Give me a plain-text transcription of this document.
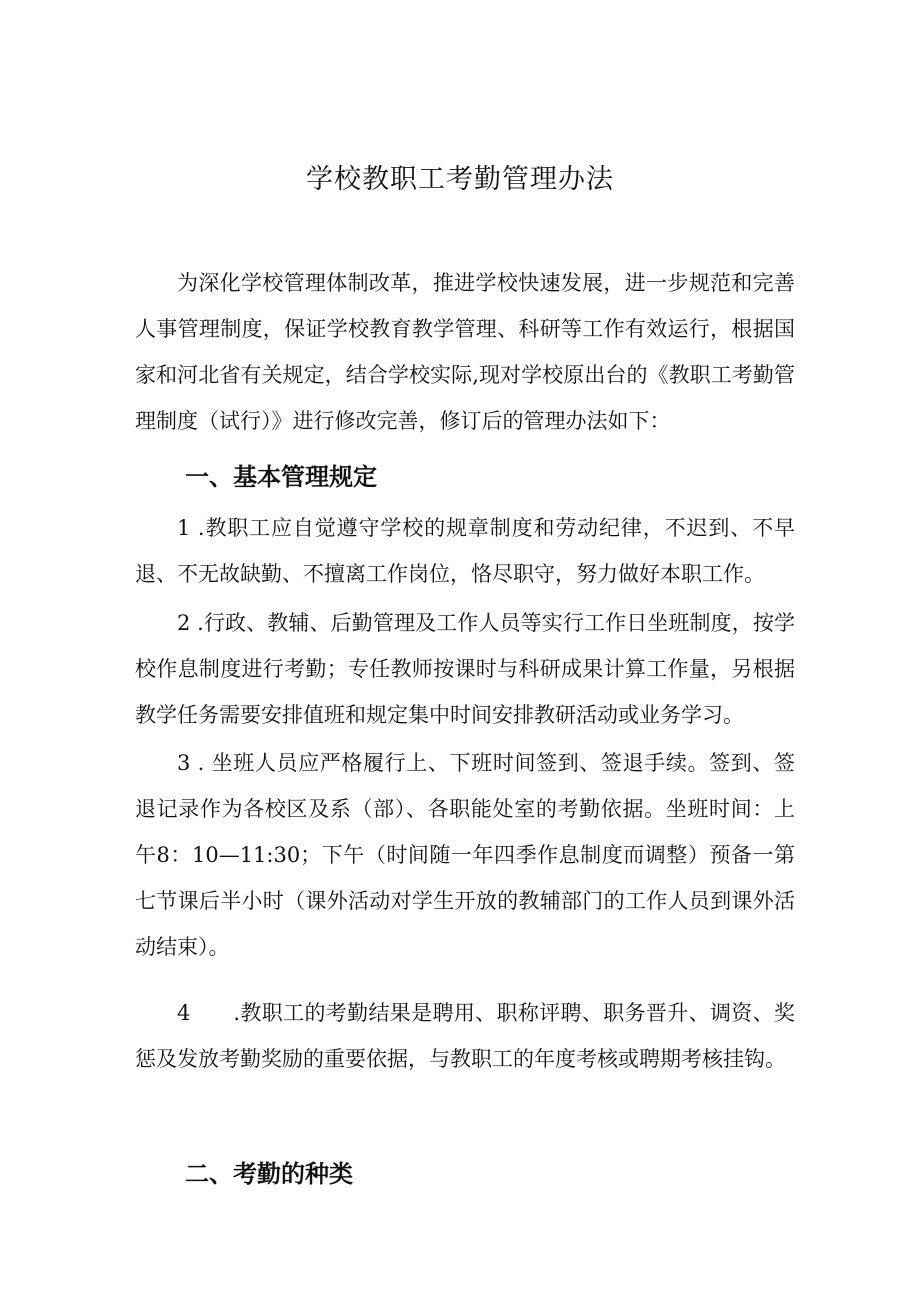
学校教职工考勤管理办法

为深化学校管理体制改革，推进学校快速发展，进一步规范和完善人事管理制度，保证学校教育教学管理、科研等工作有效运行，根据国家和河北省有关规定，结合学校实际,现对学校原出台的《教职工考勤管理制度（试行）》进行修改完善，修订后的管理办法如下：

一、基本管理规定

1 .教职工应自觉遵守学校的规章制度和劳动纪律，不迟到、不早退、不无故缺勤、不擅离工作岗位，恪尽职守，努力做好本职工作。

2 .行政、教辅、后勤管理及工作人员等实行工作日坐班制度，按学校作息制度进行考勤；专任教师按课时与科研成果计算工作量，另根据教学任务需要安排值班和规定集中时间安排教研活动或业务学习。

3 . 坐班人员应严格履行上、下班时间签到、签退手续。签到、签退记录作为各校区及系（部）、各职能处室的考勤依据。坐班时间：上午8：10—11:30；下午（时间随一年四季作息制度而调整）预备一第七节课后半小时（课外活动对学生开放的教辅部门的工作人员到课外活动结束）。

4　　.教职工的考勤结果是聘用、职称评聘、职务晋升、调资、奖惩及发放考勤奖励的重要依据，与教职工的年度考核或聘期考核挂钩。

二、考勤的种类
